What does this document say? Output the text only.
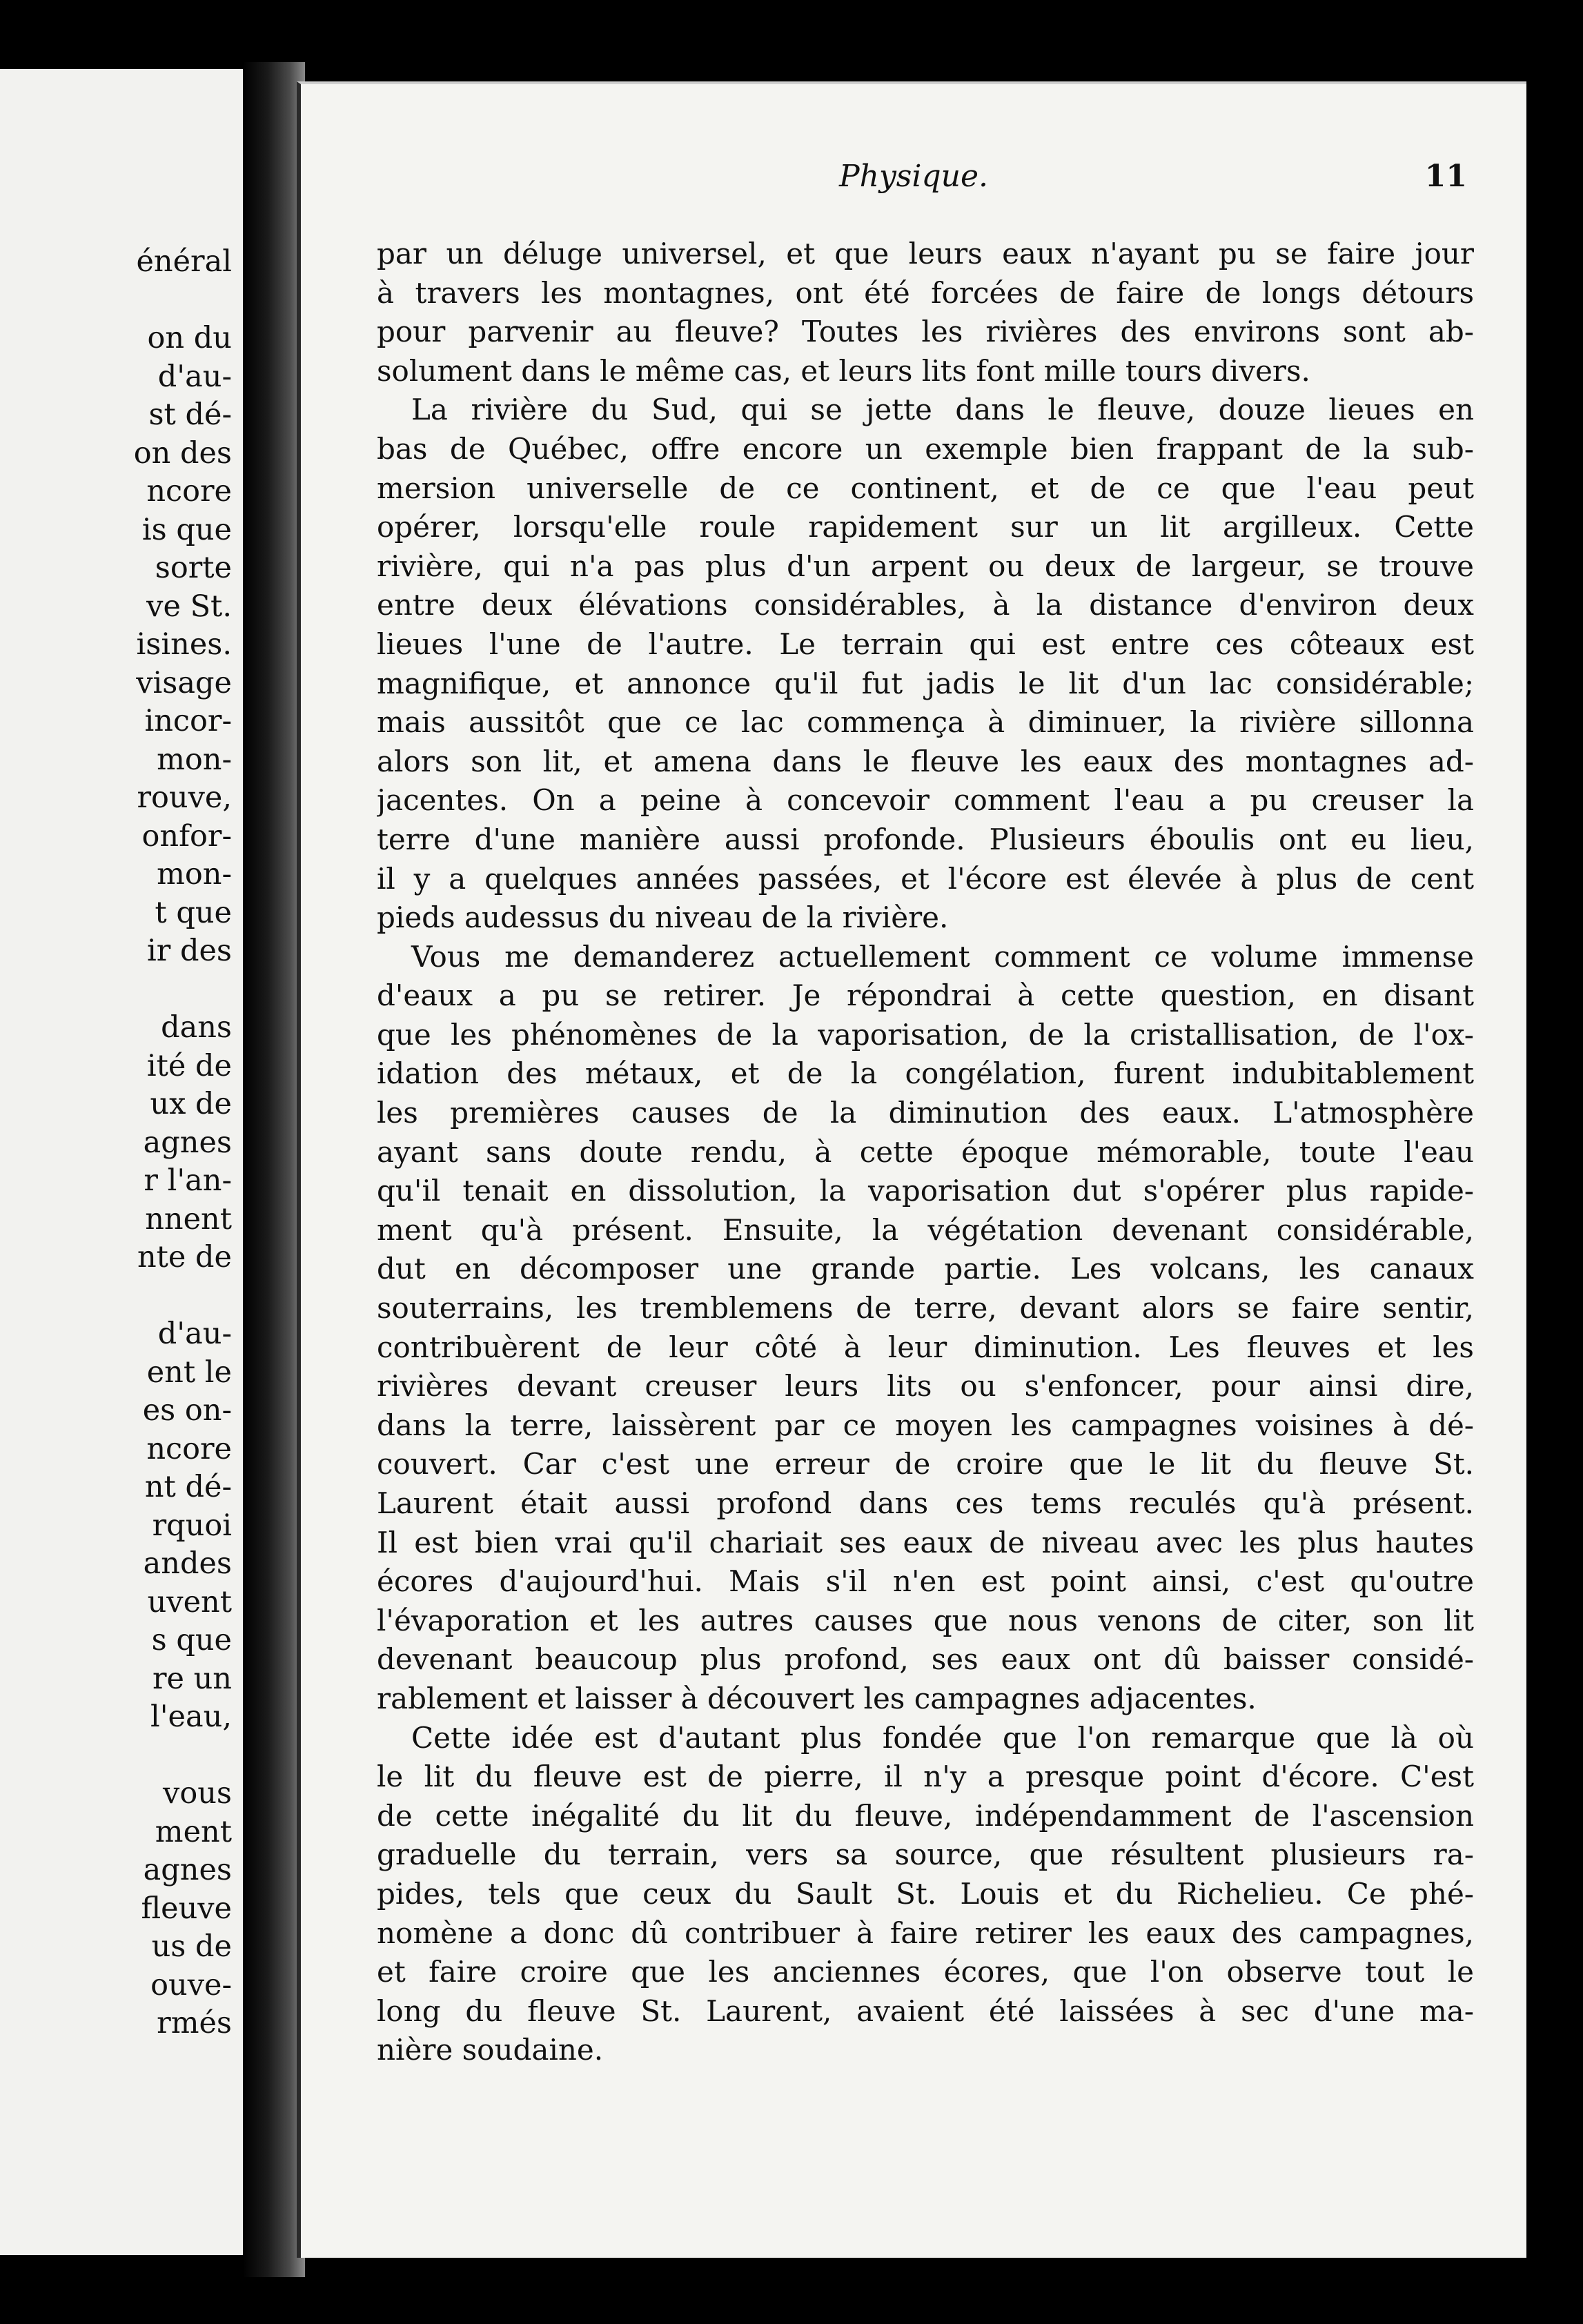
énéral
on du
d'au-
st dé-
on des
ncore
is que
sorte
ve St.
isines.
visage
incor-
mon-
rouve,
onfor-
mon-
t que
ir des
dans
ité de
ux de
agnes
r l'an-
nnent
nte de
d'au-
ent le
es on-
ncore
nt dé-
rquoi
andes
uvent
s que
re un
l'eau,
vous
ment
agnes
fleuve
us de
ouve-
rmés
Physique.	11
par un déluge universel, et que leurs eaux n'ayant pu se faire jour
à travers les montagnes, ont été forcées de faire de longs détours
pour parvenir au fleuve? Toutes les rivières des environs sont ab-
solument dans le même cas, et leurs lits font mille tours divers.
La rivière du Sud, qui se jette dans le fleuve, douze lieues en
bas de Québec, offre encore un exemple bien frappant de la sub-
mersion universelle de ce continent, et de ce que l'eau peut
opérer, lorsqu'elle roule rapidement sur un lit argilleux. Cette
rivière, qui n'a pas plus d'un arpent ou deux de largeur, se trouve
entre deux élévations considérables, à la distance d'environ deux
lieues l'une de l'autre. Le terrain qui est entre ces côteaux est
magnifique, et annonce qu'il fut jadis le lit d'un lac considérable;
mais aussitôt que ce lac commença à diminuer, la rivière sillonna
alors son lit, et amena dans le fleuve les eaux des montagnes ad-
jacentes. On a peine à concevoir comment l'eau a pu creuser la
terre d'une manière aussi profonde. Plusieurs éboulis ont eu lieu,
il y a quelques années passées, et l'écore est élevée à plus de cent
pieds audessus du niveau de la rivière.
Vous me demanderez actuellement comment ce volume immense
d'eaux a pu se retirer. Je répondrai à cette question, en disant
que les phénomènes de la vaporisation, de la cristallisation, de l'ox-
idation des métaux, et de la congélation, furent indubitablement
les premières causes de la diminution des eaux. L'atmosphère
ayant sans doute rendu, à cette époque mémorable, toute l'eau
qu'il tenait en dissolution, la vaporisation dut s'opérer plus rapide-
ment qu'à présent. Ensuite, la végétation devenant considérable,
dut en décomposer une grande partie. Les volcans, les canaux
souterrains, les tremblemens de terre, devant alors se faire sentir,
contribuèrent de leur côté à leur diminution. Les fleuves et les
rivières devant creuser leurs lits ou s'enfoncer, pour ainsi dire,
dans la terre, laissèrent par ce moyen les campagnes voisines à dé-
couvert. Car c'est une erreur de croire que le lit du fleuve St.
Laurent était aussi profond dans ces tems reculés qu'à présent.
Il est bien vrai qu'il chariait ses eaux de niveau avec les plus hautes
écores d'aujourd'hui. Mais s'il n'en est point ainsi, c'est qu'outre
l'évaporation et les autres causes que nous venons de citer, son lit
devenant beaucoup plus profond, ses eaux ont dû baisser considé-
rablement et laisser à découvert les campagnes adjacentes.
Cette idée est d'autant plus fondée que l'on remarque que là où
le lit du fleuve est de pierre, il n'y a presque point d'écore. C'est
de cette inégalité du lit du fleuve, indépendamment de l'ascension
graduelle du terrain, vers sa source, que résultent plusieurs ra-
pides, tels que ceux du Sault St. Louis et du Richelieu. Ce phé-
nomène a donc dû contribuer à faire retirer les eaux des campagnes,
et faire croire que les anciennes écores, que l'on observe tout le
long du fleuve St. Laurent, avaient été laissées à sec d'une ma-
nière soudaine.
